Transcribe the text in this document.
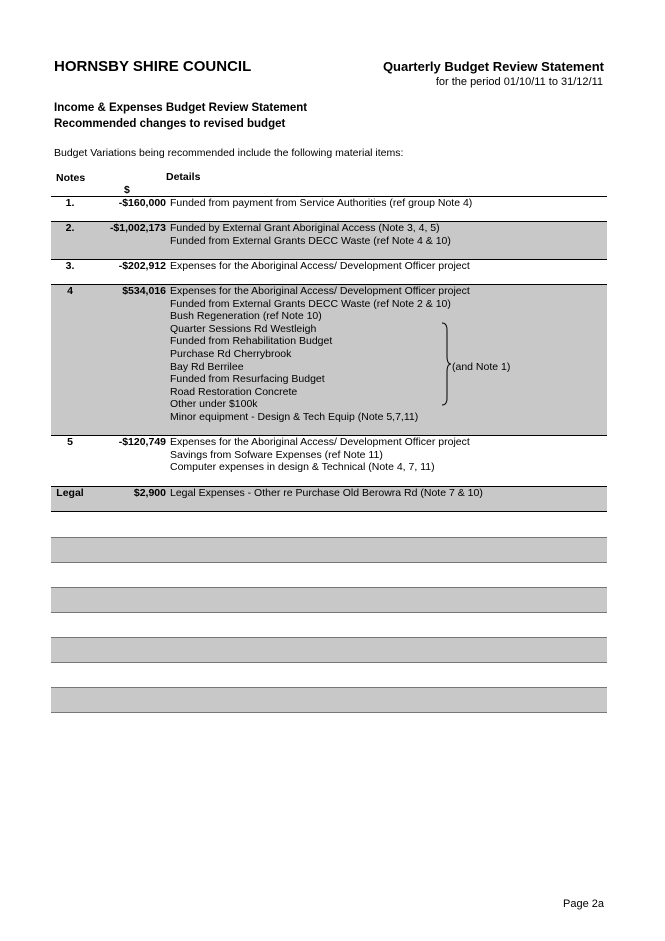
HORNSBY SHIRE COUNCIL	Quarterly Budget Review Statement
for the period 01/10/11 to 31/12/11
Income & Expenses Budget Review Statement
Recommended changes to revised budget
Budget Variations being recommended include the following material items:
Notes	Details
$
1.	-$160,000 Funded from payment from Service Authorities (ref group Note 4)
2.	-$1,002,173 Funded by External Grant Aboriginal Access (Note 3, 4, 5)
Funded from External Grants DECC Waste (ref Note 4 & 10)
3.	-$202,912 Expenses for the Aboriginal Access/ Development Officer project
4	$534,016 Expenses for the Aboriginal Access/ Development Officer project
Funded from External Grants DECC Waste (ref Note 2 & 10)
Bush Regeneration (ref Note 10)
Quarter Sessions Rd Westleigh
Funded from Rehabilitation Budget
Purchase Rd Cherrybrook
Bay Rd Berrilee
Funded from Resurfacing Budget
Road Restoration Concrete
Other under $100k
Minor equipment - Design & Tech Equip (Note 5,7,11)
(and Note 1)
5	-$120,749 Expenses for the Aboriginal Access/ Development Officer project
Savings from Sofware Expenses (ref Note 11)
Computer expenses in design & Technical (Note 4, 7, 11)
Legal	$2,900 Legal Expenses - Other re Purchase Old Berowra Rd (Note 7 & 10)
Page 2a
